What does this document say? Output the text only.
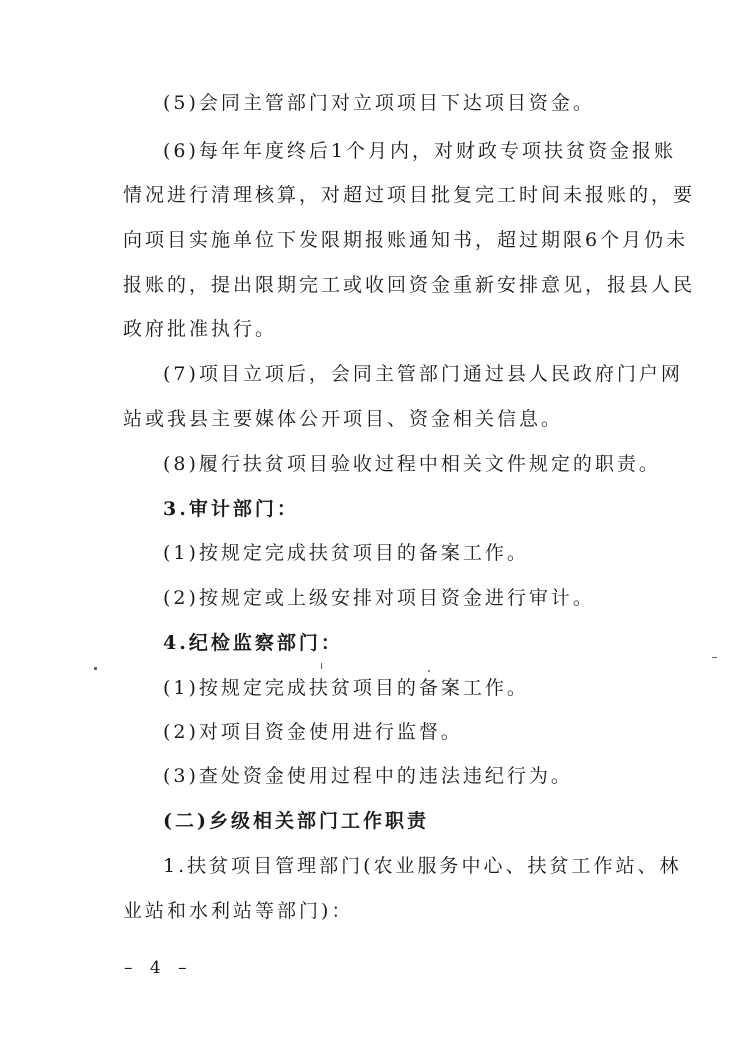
(5)会同主管部门对立项项目下达项目资金。
(6)每年年度终后1个月内，对财政专项扶贫资金报账
情况进行清理核算，对超过项目批复完工时间未报账的，要
向项目实施单位下发限期报账通知书，超过期限6个月仍未
报账的，提出限期完工或收回资金重新安排意见，报县人民
政府批准执行。
(7)项目立项后，会同主管部门通过县人民政府门户网
站或我县主要媒体公开项目、资金相关信息。
(8)履行扶贫项目验收过程中相关文件规定的职责。
3.审计部门：
(1)按规定完成扶贫项目的备案工作。
(2)按规定或上级安排对项目资金进行审计。
4.纪检监察部门：
(1)按规定完成扶贫项目的备案工作。
(2)对项目资金使用进行监督。
(3)查处资金使用过程中的违法违纪行为。
(二)乡级相关部门工作职责
1.扶贫项目管理部门(农业服务中心、扶贫工作站、林
业站和水利站等部门)：
– 4 –
